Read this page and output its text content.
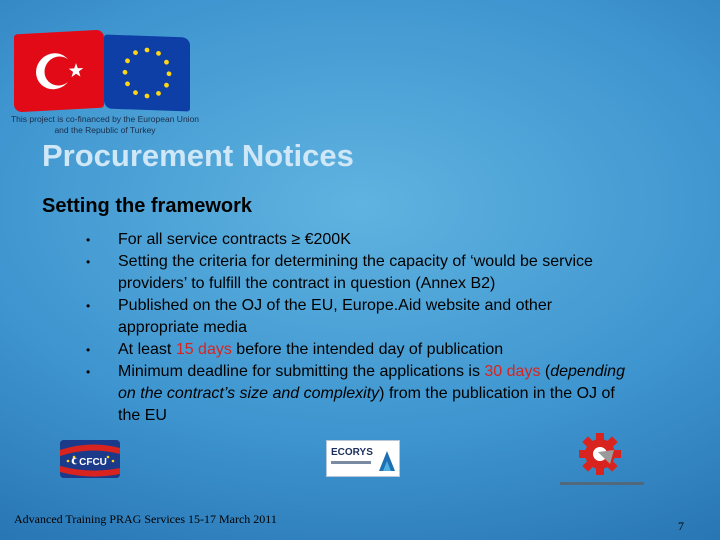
This project is co-financed by the European Union and the Republic of Turkey
Procurement Notices
Setting the framework
• For all service contracts ≥ €200K
• Setting the criteria for determining the capacity of ‘would be service providers’ to fulfill the contract in question (Annex B2)
• Published on the OJ of the EU, Europe.Aid website and other appropriate media
• At least 15 days before the intended day of publication
• Minimum deadline for submitting the applications is 30 days (depending on the contract’s size and complexity) from the publication in the OJ of the EU
CFCU
ECORYS
Advanced Training PRAG Services 15-17 March 2011	7
